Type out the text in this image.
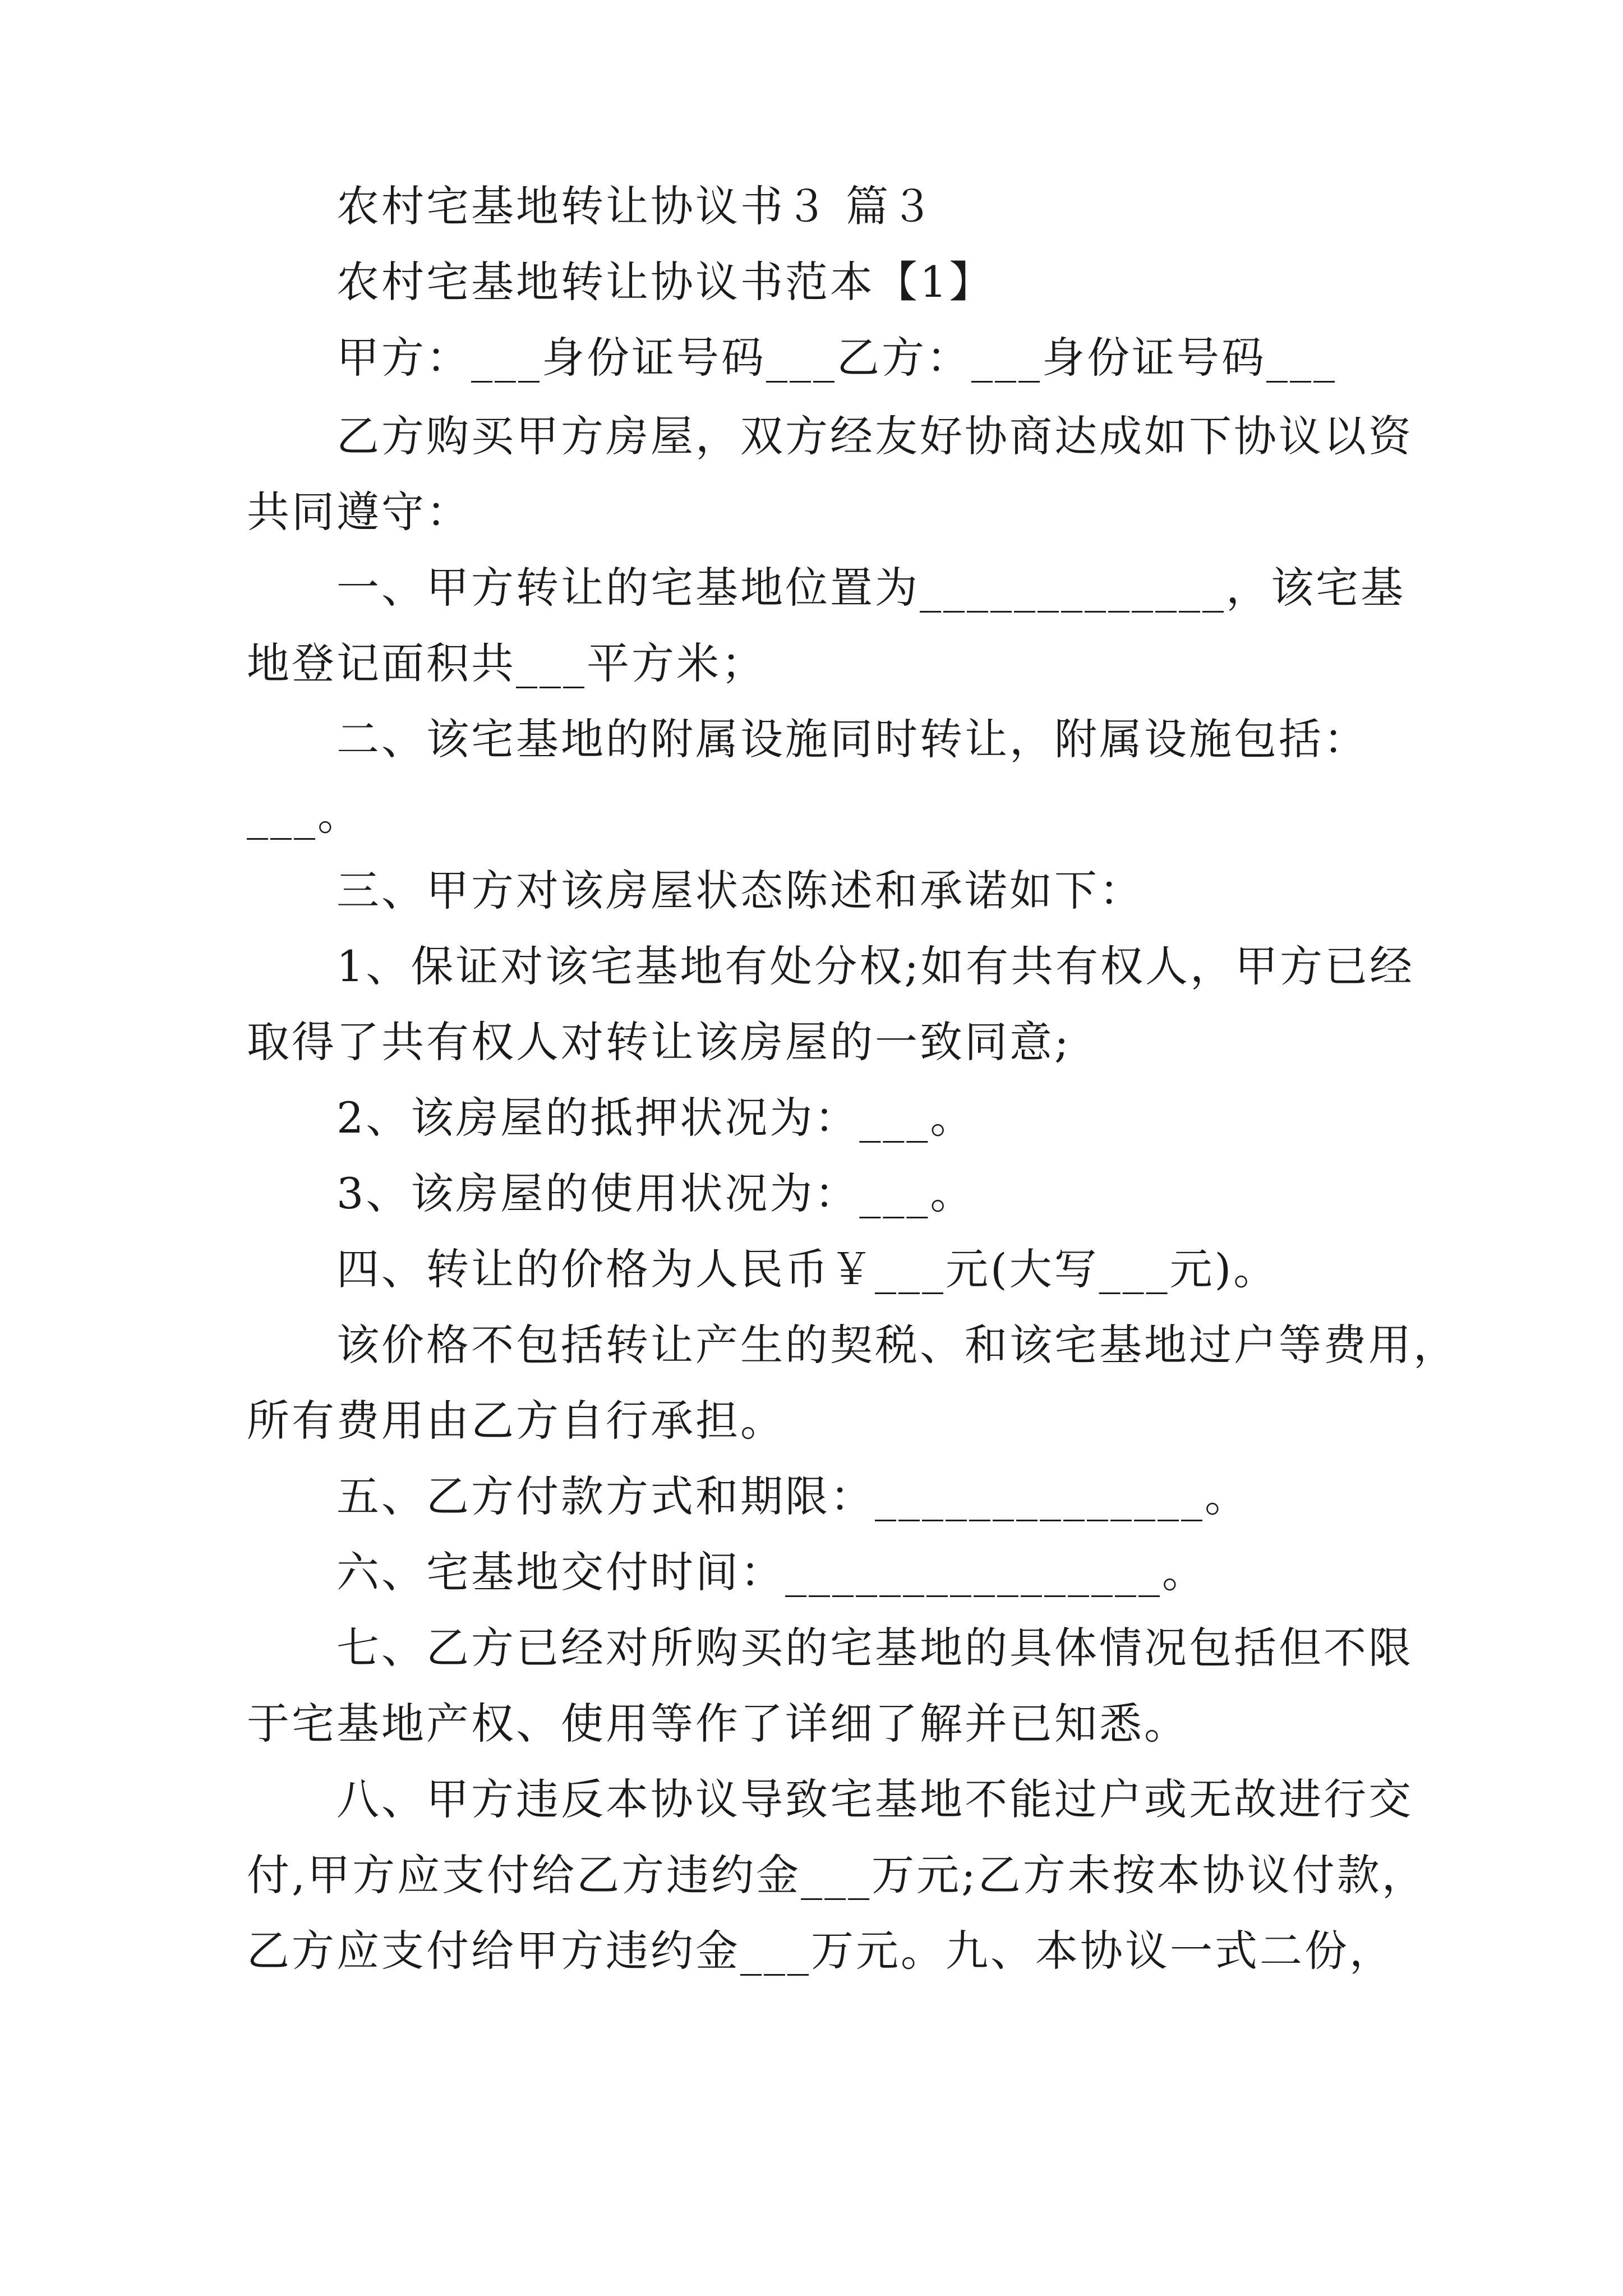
农村宅基地转让协议书３ 篇３
农村宅基地转让协议书范本【1】
甲方：___身份证号码___乙方：___身份证号码___
乙方购买甲方房屋，双方经友好协商达成如下协议以资
共同遵守：
一、甲方转让的宅基地位置为_____________，该宅基
地登记面积共___平方米；
二、该宅基地的附属设施同时转让，附属设施包括：
___。
三、甲方对该房屋状态陈述和承诺如下：
1、保证对该宅基地有处分权;如有共有权人，甲方已经
取得了共有权人对转让该房屋的一致同意;
2、该房屋的抵押状况为：___。
3、该房屋的使用状况为：___。
四、转让的价格为人民币￥___元(大写___元)。
该价格不包括转让产生的契税、和该宅基地过户等费用，
所有费用由乙方自行承担。
五、乙方付款方式和期限：______________。
六、宅基地交付时间：________________。
七、乙方已经对所购买的宅基地的具体情况包括但不限
于宅基地产权、使用等作了详细了解并已知悉。
八、甲方违反本协议导致宅基地不能过户或无故进行交
付,甲方应支付给乙方违约金___万元;乙方未按本协议付款，
乙方应支付给甲方违约金___万元。九、本协议一式二份，
